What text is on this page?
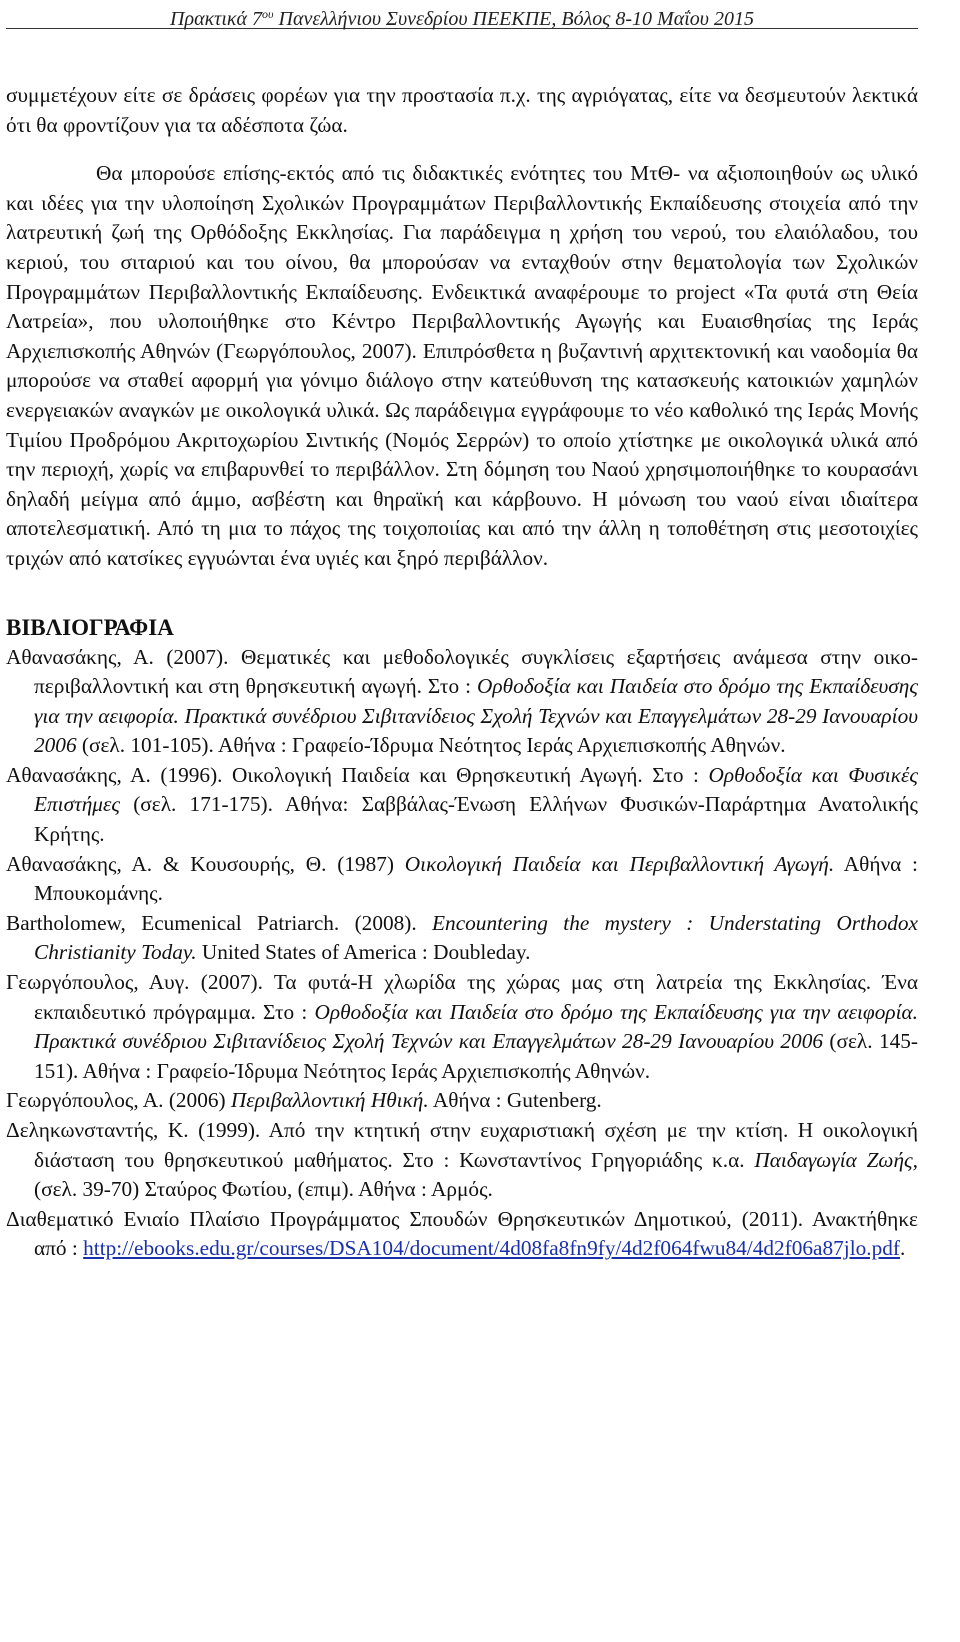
Πρακτικά $7^{o\upsilon}$ Πανελλήνιου Συνεδρίου ΠΕΕΚΠΕ, Βόλος 8-10 Μαΐου 2015

συμμετέχουν είτε σε δράσεις φορέων για την προστασία π.χ. της αγριόγατας, είτε να δεσμευτούν λεκτικά ότι θα φροντίζουν για τα αδέσποτα ζώα.

Θα μπορούσε επίσης-εκτός από τις διδακτικές ενότητες του ΜτΘ- να αξιοποιηθούν ως υλικό και ιδέες για την υλοποίηση Σχολικών Προγραμμάτων Περιβαλλοντικής Εκπαίδευσης στοιχεία από την λατρευτική ζωή της Ορθόδοξης Εκκλησίας. Για παράδειγμα η χρήση του νερού, του ελαιόλαδου, του κεριού, του σιταριού και του οίνου, θα μπορούσαν να ενταχθούν στην θεματολογία των Σχολικών Προγραμμάτων Περιβαλλοντικής Εκπαίδευσης. Ενδεικτικά αναφέρουμε το project «Τα φυτά στη Θεία Λατρεία», που υλοποιήθηκε στο Κέντρο Περιβαλλοντικής Αγωγής και Ευαισθησίας της Ιεράς Αρχιεπισκοπής Αθηνών (Γεωργόπουλος, 2007). Επιπρόσθετα η βυζαντινή αρχιτεκτονική και ναοδομία θα μπορούσε να σταθεί αφορμή για γόνιμο διάλογο στην κατεύθυνση της κατασκευής κατοικιών χαμηλών ενεργειακών αναγκών με οικολογικά υλικά. Ως παράδειγμα εγγράφουμε το νέο καθολικό της Ιεράς Μονής Τιμίου Προδρόμου Ακριτοχωρίου Σιντικής (Νομός Σερρών) το οποίο χτίστηκε με οικολογικά υλικά από την περιοχή, χωρίς να επιβαρυνθεί το περιβάλλον. Στη δόμηση του Ναού χρησιμοποιήθηκε το κουρασάνι δηλαδή μείγμα από άμμο, ασβέστη και θηραϊκή και κάρβουνο. Η μόνωση του ναού είναι ιδιαίτερα αποτελεσματική. Από τη μια το πάχος της τοιχοποιίας και από την άλλη η τοποθέτηση στις μεσοτοιχίες τριχών από κατσίκες εγγυώνται ένα υγιές και ξηρό περιβάλλον.

ΒΙΒΛΙΟΓΡΑΦΙΑ

Αθανασάκης, Α. (2007). Θεματικές και μεθοδολογικές συγκλίσεις εξαρτήσεις ανάμεσα στην οικο-περιβαλλοντική και στη θρησκευτική αγωγή. Στο : Ορθοδοξία και Παιδεία στο δρόμο της Εκπαίδευσης για την αειφορία. Πρακτικά συνέδριου Σιβιτανίδειος Σχολή Τεχνών και Επαγγελμάτων 28-29 Ιανουαρίου 2006 (σελ. 101-105). Αθήνα : Γραφείο-Ίδρυμα Νεότητος Ιεράς Αρχιεπισκοπής Αθηνών.

Αθανασάκης, Α. (1996). Οικολογική Παιδεία και Θρησκευτική Αγωγή. Στο : Ορθοδοξία και Φυσικές Επιστήμες (σελ. 171-175). Αθήνα: Σαββάλας-Ένωση Ελλήνων Φυσικών-Παράρτημα Ανατολικής Κρήτης.

Αθανασάκης, Α. & Κουσουρής, Θ. (1987) Οικολογική Παιδεία και Περιβαλλοντική Αγωγή. Αθήνα : Μπουκομάνης.

Bartholomew, Ecumenical Patriarch. (2008). Encountering the mystery : Understating Orthodox Christianity Today. United States of America : Doubleday.

Γεωργόπουλος, Αυγ. (2007). Τα φυτά-Η χλωρίδα της χώρας μας στη λατρεία της Εκκλησίας. Ένα εκπαιδευτικό πρόγραμμα. Στο : Ορθοδοξία και Παιδεία στο δρόμο της Εκπαίδευσης για την αειφορία. Πρακτικά συνέδριου Σιβιτανίδειος Σχολή Τεχνών και Επαγγελμάτων 28-29 Ιανουαρίου 2006 (σελ. 145-151). Αθήνα : Γραφείο-Ίδρυμα Νεότητος Ιεράς Αρχιεπισκοπής Αθηνών.

Γεωργόπουλος, Α. (2006) Περιβαλλοντική Ηθική. Αθήνα : Gutenberg.

Δεληκωνσταντής, Κ. (1999). Από την κτητική στην ευχαριστιακή σχέση με την κτίση. Η οικολογική διάσταση του θρησκευτικού μαθήματος. Στο : Κωνσταντίνος Γρηγοριάδης κ.α. Παιδαγωγία Ζωής, (σελ. 39-70) Σταύρος Φωτίου, (επιμ). Αθήνα : Αρμός.

Διαθεματικό Ενιαίο Πλαίσιο Προγράμματος Σπουδών Θρησκευτικών Δημοτικού, (2011). Ανακτήθηκε από : http://ebooks.edu.gr/courses/DSA104/document/4d08fa8fn9fy/4d2f064fwu84/4d2f06a87jlo.pdf.
